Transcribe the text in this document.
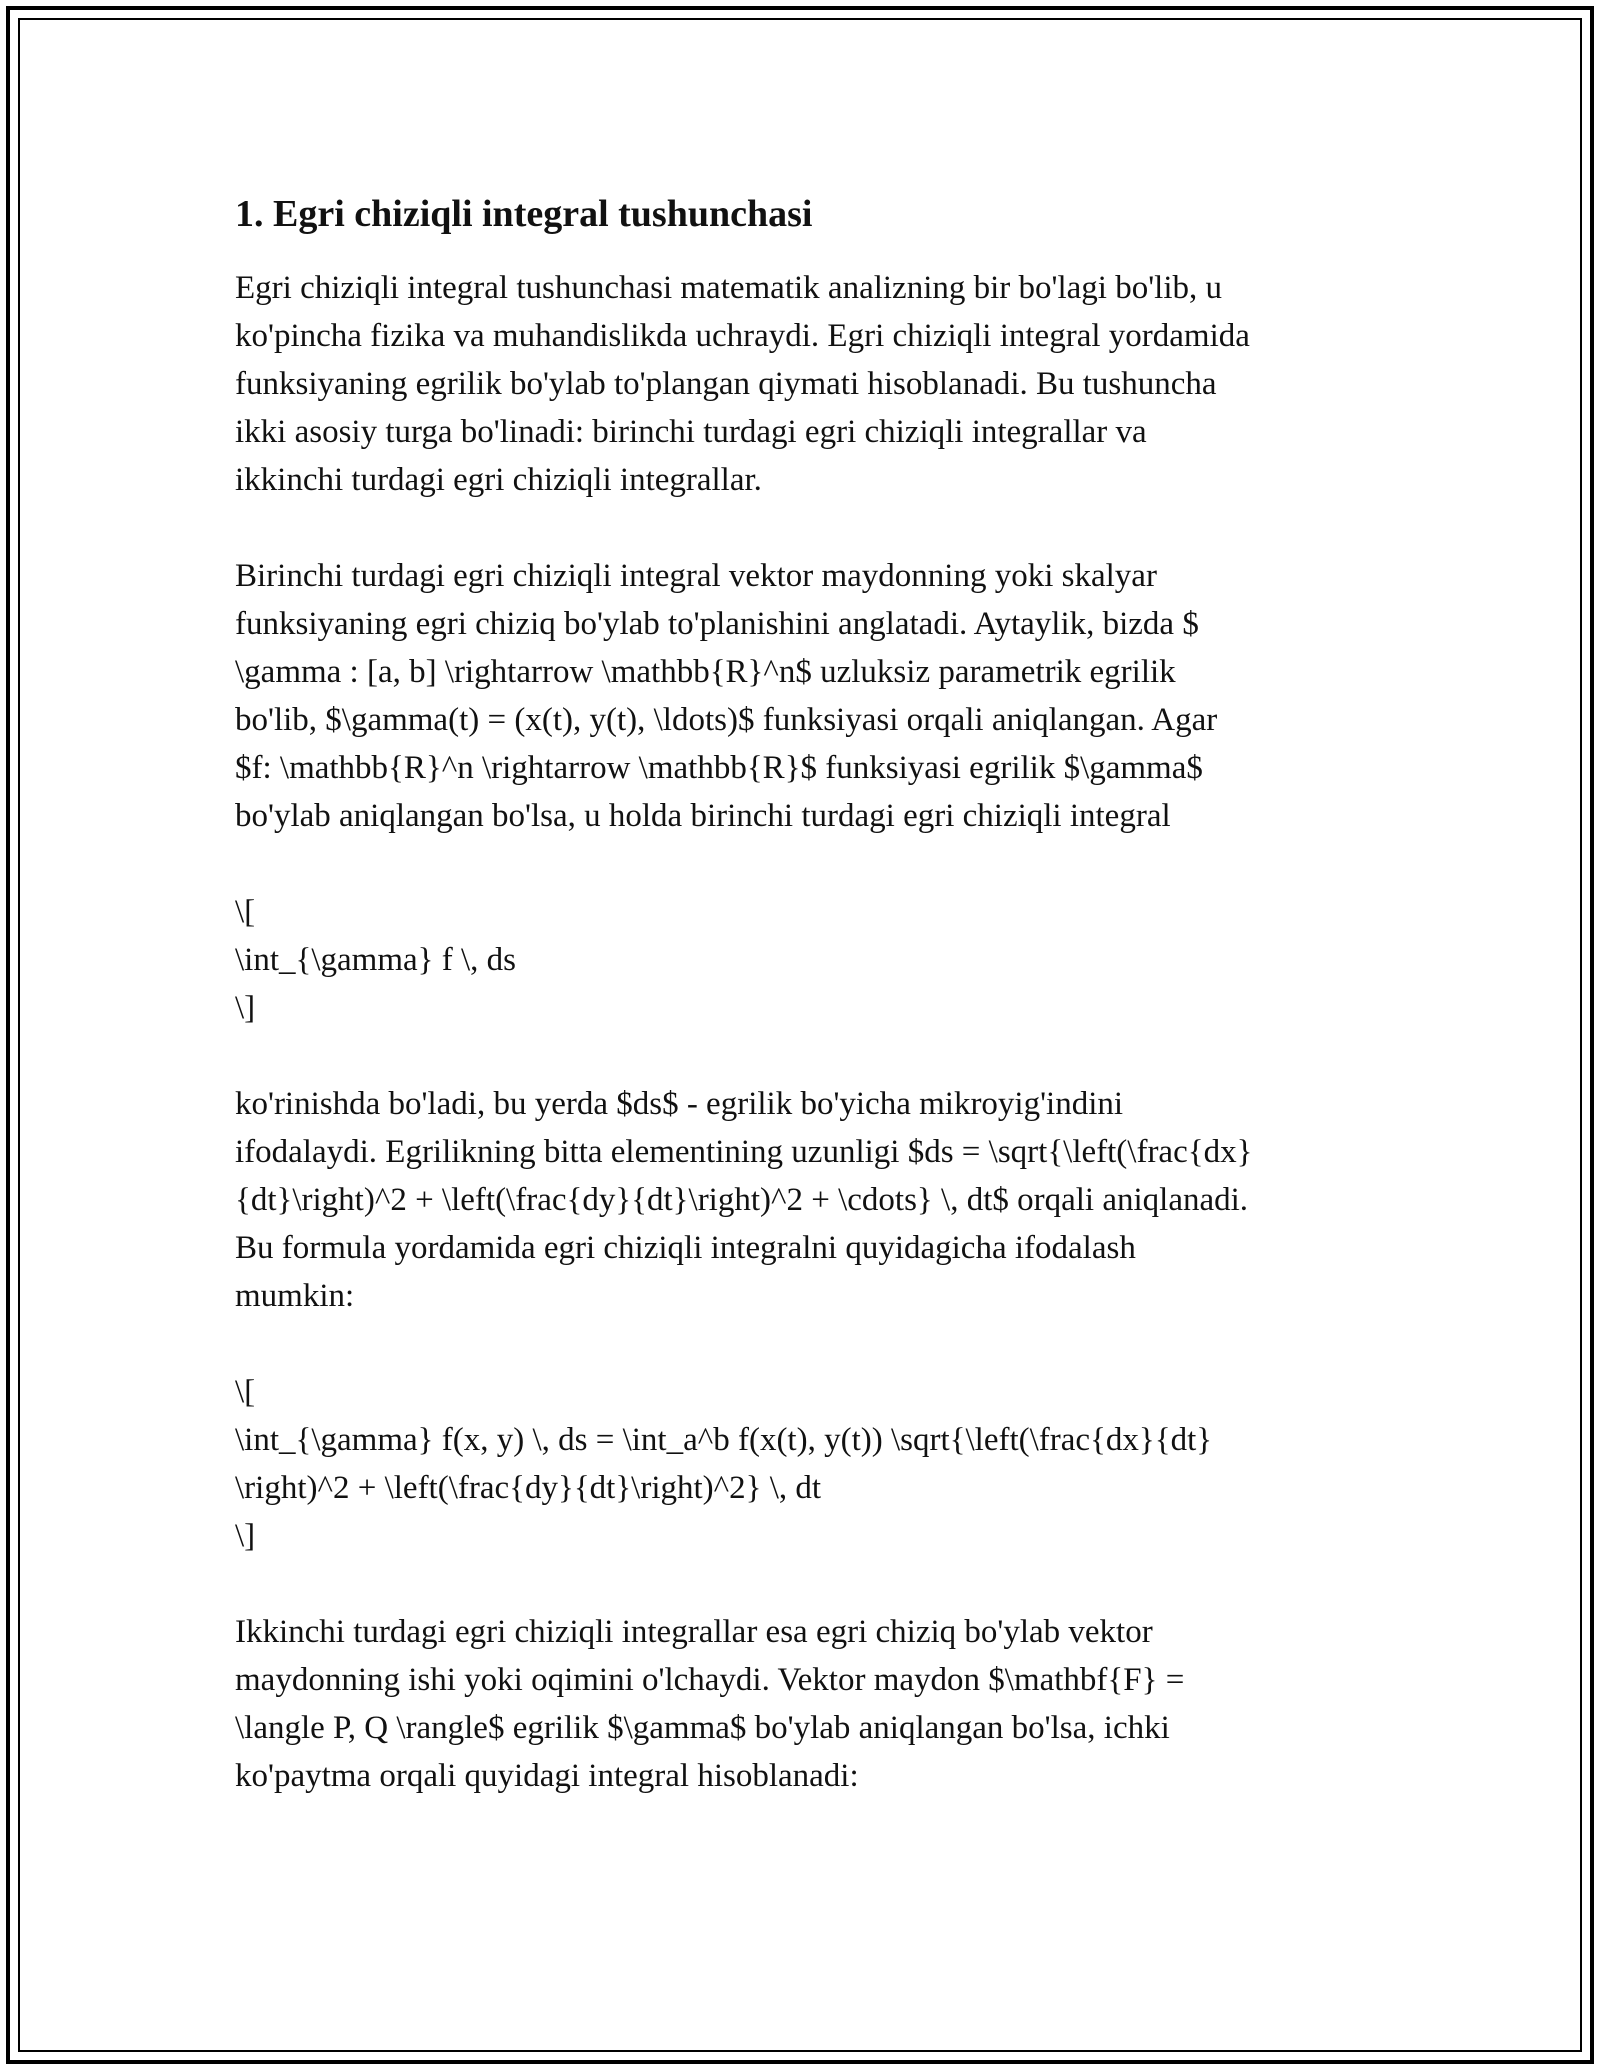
1. Egri chiziqli integral tushunchasi

Egri chiziqli integral tushunchasi matematik analizning bir bo'lagi bo'lib, u
ko'pincha fizika va muhandislikda uchraydi. Egri chiziqli integral yordamida
funksiyaning egrilik bo'ylab to'plangan qiymati hisoblanadi. Bu tushuncha
ikki asosiy turga bo'linadi: birinchi turdagi egri chiziqli integrallar va
ikkinchi turdagi egri chiziqli integrallar.

Birinchi turdagi egri chiziqli integral vektor maydonning yoki skalyar
funksiyaning egri chiziq bo'ylab to'planishini anglatadi. Aytaylik, bizda $
\gamma : [a, b] \rightarrow \mathbb{R}^n$ uzluksiz parametrik egrilik
bo'lib, $\gamma(t) = (x(t), y(t), \ldots)$ funksiyasi orqali aniqlangan. Agar
$f: \mathbb{R}^n \rightarrow \mathbb{R}$ funksiyasi egrilik $\gamma$
bo'ylab aniqlangan bo'lsa, u holda birinchi turdagi egri chiziqli integral

\[
\int_{\gamma} f \, ds
\]

ko'rinishda bo'ladi, bu yerda $ds$ - egrilik bo'yicha mikroyig'indini
ifodalaydi. Egrilikning bitta elementining uzunligi $ds = \sqrt{\left(\frac{dx}
{dt}\right)^2 + \left(\frac{dy}{dt}\right)^2 + \cdots} \, dt$ orqali aniqlanadi.
Bu formula yordamida egri chiziqli integralni quyidagicha ifodalash
mumkin:

\[
\int_{\gamma} f(x, y) \, ds = \int_a^b f(x(t), y(t)) \sqrt{\left(\frac{dx}{dt}
\right)^2 + \left(\frac{dy}{dt}\right)^2} \, dt
\]

Ikkinchi turdagi egri chiziqli integrallar esa egri chiziq bo'ylab vektor
maydonning ishi yoki oqimini o'lchaydi. Vektor maydon $\mathbf{F} =
\langle P, Q \rangle$ egrilik $\gamma$ bo'ylab aniqlangan bo'lsa, ichki
ko'paytma orqali quyidagi integral hisoblanadi:
